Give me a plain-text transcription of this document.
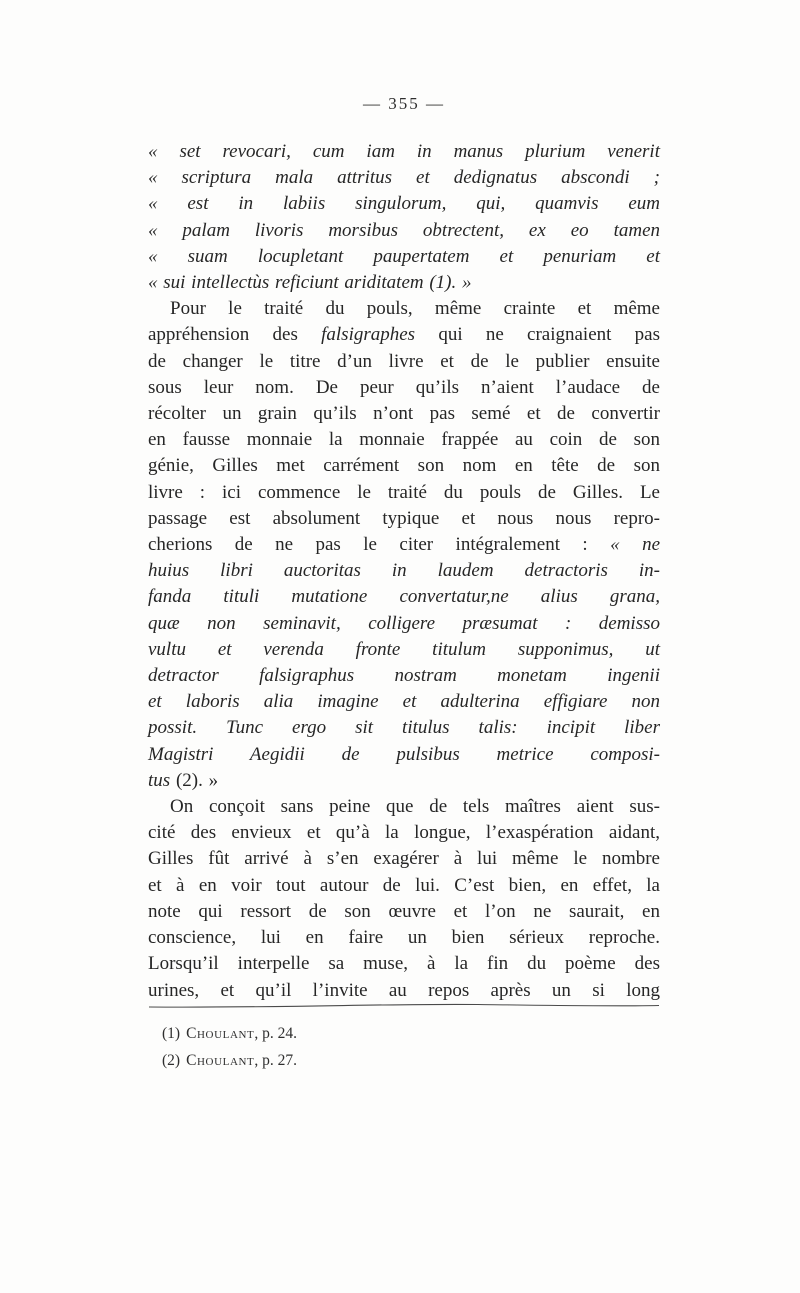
— 355 —
« set revocari, cum iam in manus plurium venerit
« scriptura mala attritus et dedignatus abscondi ;
« est in labiis singulorum, qui, quamvis eum
« palam livoris morsibus obtrectent, ex eo tamen
« suam locupletant paupertatem et penuriam et
« sui intellectùs reficiunt ariditatem (1). »
Pour le traité du pouls, même crainte et même
appréhension des falsigraphes qui ne craignaient pas
de changer le titre d’un livre et de le publier ensuite
sous leur nom. De peur qu’ils n’aient l’audace de
récolter un grain qu’ils n’ont pas semé et de convertir
en fausse monnaie la monnaie frappée au coin de son
génie, Gilles met carrément son nom en tête de son
livre : ici commence le traité du pouls de Gilles. Le
passage est absolument typique et nous nous repro-
cherions de ne pas le citer intégralement : « ne
huius libri auctoritas in laudem detractoris in-
fanda tituli mutatione convertatur,ne alius grana,
quæ non seminavit, colligere præsumat : demisso
vultu et verenda fronte titulum supponimus, ut
detractor falsigraphus nostram monetam ingenii
et laboris alia imagine et adulterina effigiare non
possit. Tunc ergo sit titulus talis: incipit liber
Magistri Aegidii de pulsibus metrice composi-
tus (2). »
On conçoit sans peine que de tels maîtres aient sus-
cité des envieux et qu’à la longue, l’exaspération aidant,
Gilles fût arrivé à s’en exagérer à lui même le nombre
et à en voir tout autour de lui. C’est bien, en effet, la
note qui ressort de son œuvre et l’on ne saurait, en
conscience, lui en faire un bien sérieux reproche.
Lorsqu’il interpelle sa muse, à la fin du poème des
urines, et qu’il l’invite au repos après un si long
(1) Choulant, p. 24.
(2) Choulant, p. 27.
